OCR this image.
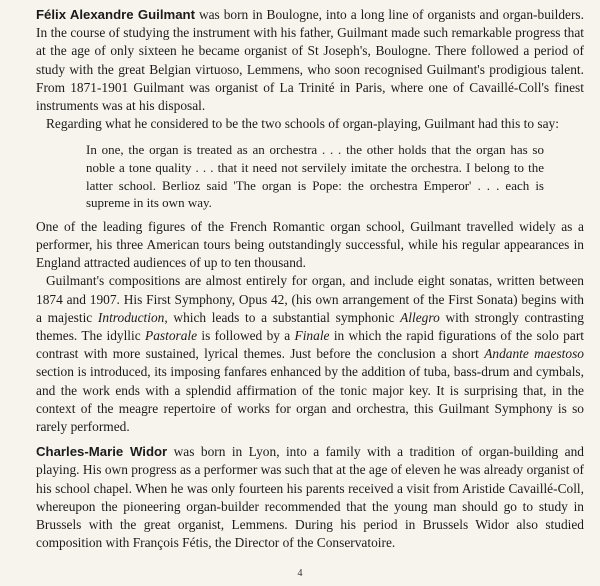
Félix Alexandre Guilmant was born in Boulogne, into a long line of organists and organ-builders. In the course of studying the instrument with his father, Guilmant made such remarkable progress that at the age of only sixteen he became organist of St Joseph's, Boulogne. There followed a period of study with the great Belgian virtuoso, Lemmens, who soon recognised Guilmant's prodigious talent. From 1871-1901 Guilmant was organist of La Trinité in Paris, where one of Cavaillé-Coll's finest instruments was at his disposal.

Regarding what he considered to be the two schools of organ-playing, Guilmant had this to say:

In one, the organ is treated as an orchestra . . . the other holds that the organ has so noble a tone quality . . . that it need not servilely imitate the orchestra. I belong to the latter school. Berlioz said 'The organ is Pope: the orchestra Emperor' . . . each is supreme in its own way.

One of the leading figures of the French Romantic organ school, Guilmant travelled widely as a performer, his three American tours being outstandingly successful, while his regular appearances in England attracted audiences of up to ten thousand.

Guilmant's compositions are almost entirely for organ, and include eight sonatas, written between 1874 and 1907. His First Symphony, Opus 42, (his own arrangement of the First Sonata) begins with a majestic Introduction, which leads to a substantial symphonic Allegro with strongly contrasting themes. The idyllic Pastorale is followed by a Finale in which the rapid figurations of the solo part contrast with more sustained, lyrical themes. Just before the conclusion a short Andante maestoso section is introduced, its imposing fanfares enhanced by the addition of tuba, bass-drum and cymbals, and the work ends with a splendid affirmation of the tonic major key. It is surprising that, in the context of the meagre repertoire of works for organ and orchestra, this Guilmant Symphony is so rarely performed.

Charles-Marie Widor was born in Lyon, into a family with a tradition of organ-building and playing. His own progress as a performer was such that at the age of eleven he was already organist of his school chapel. When he was only fourteen his parents received a visit from Aristide Cavaillé-Coll, whereupon the pioneering organ-builder recommended that the young man should go to study in Brussels with the great organist, Lemmens. During his period in Brussels Widor also studied composition with François Fétis, the Director of the Conservatoire.

4
